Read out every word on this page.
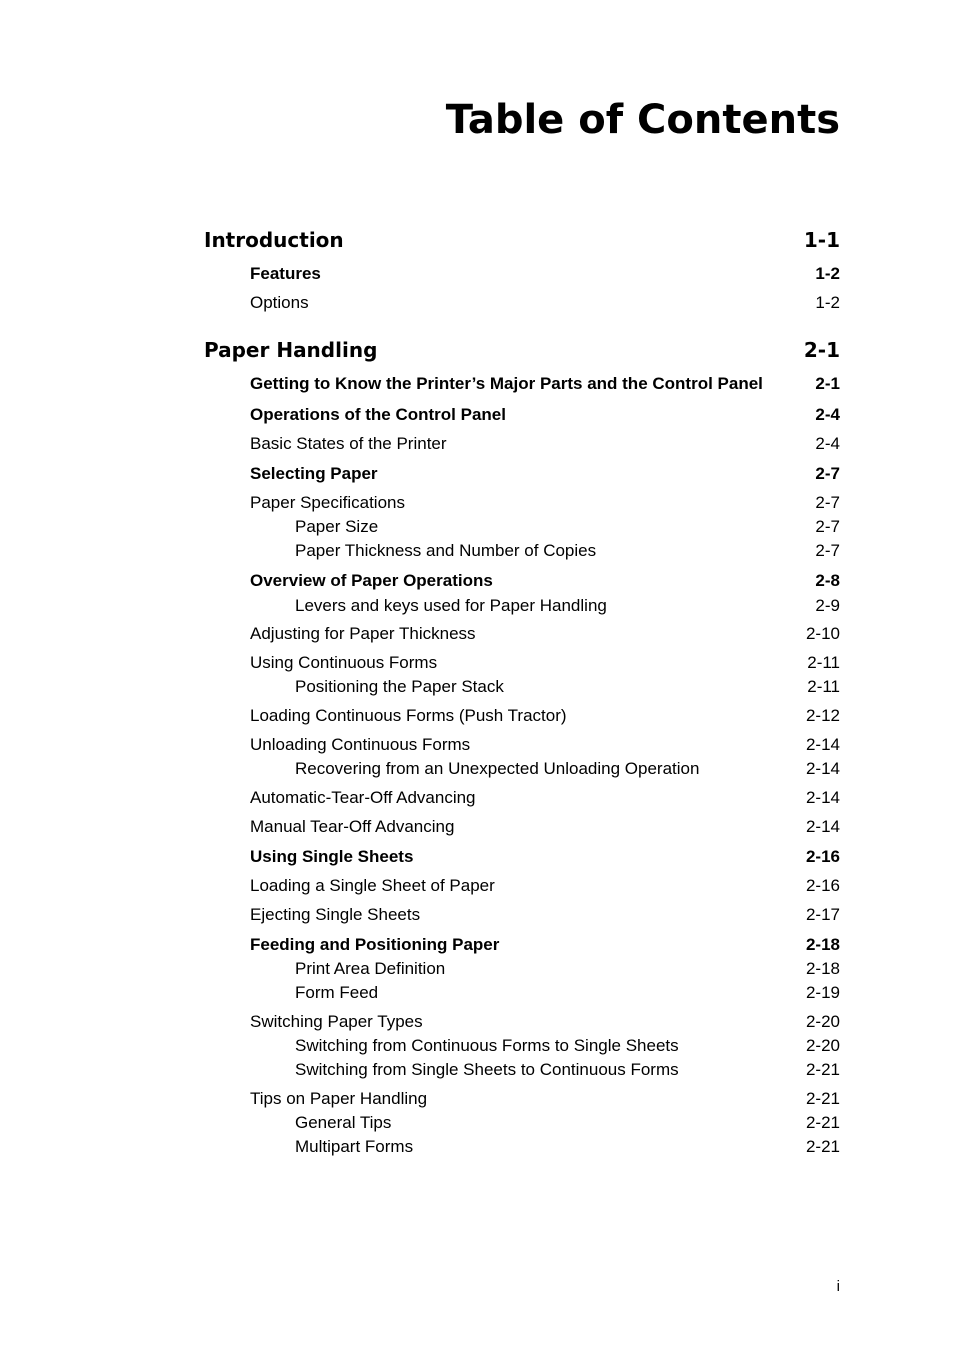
Table of Contents
Introduction	1-1
Features	1-2
Options	1-2
Paper Handling	2-1
Getting to Know the Printer’s Major Parts and the Control Panel	2-1
Operations of the Control Panel	2-4
Basic States of the Printer	2-4
Selecting Paper	2-7
Paper Specifications	2-7
Paper Size	2-7
Paper Thickness and Number of Copies	2-7
Overview of Paper Operations	2-8
Levers and keys used for Paper Handling	2-9
Adjusting for Paper Thickness	2-10
Using Continuous Forms	2-11
Positioning the Paper Stack	2-11
Loading Continuous Forms (Push Tractor)	2-12
Unloading Continuous Forms	2-14
Recovering from an Unexpected Unloading Operation	2-14
Automatic-Tear-Off Advancing	2-14
Manual Tear-Off Advancing	2-14
Using Single Sheets	2-16
Loading a Single Sheet of Paper	2-16
Ejecting Single Sheets	2-17
Feeding and Positioning Paper	2-18
Print Area Definition	2-18
Form Feed	2-19
Switching Paper Types	2-20
Switching from Continuous Forms to Single Sheets	2-20
Switching from Single Sheets to Continuous Forms	2-21
Tips on Paper Handling	2-21
General Tips	2-21
Multipart Forms	2-21
i
